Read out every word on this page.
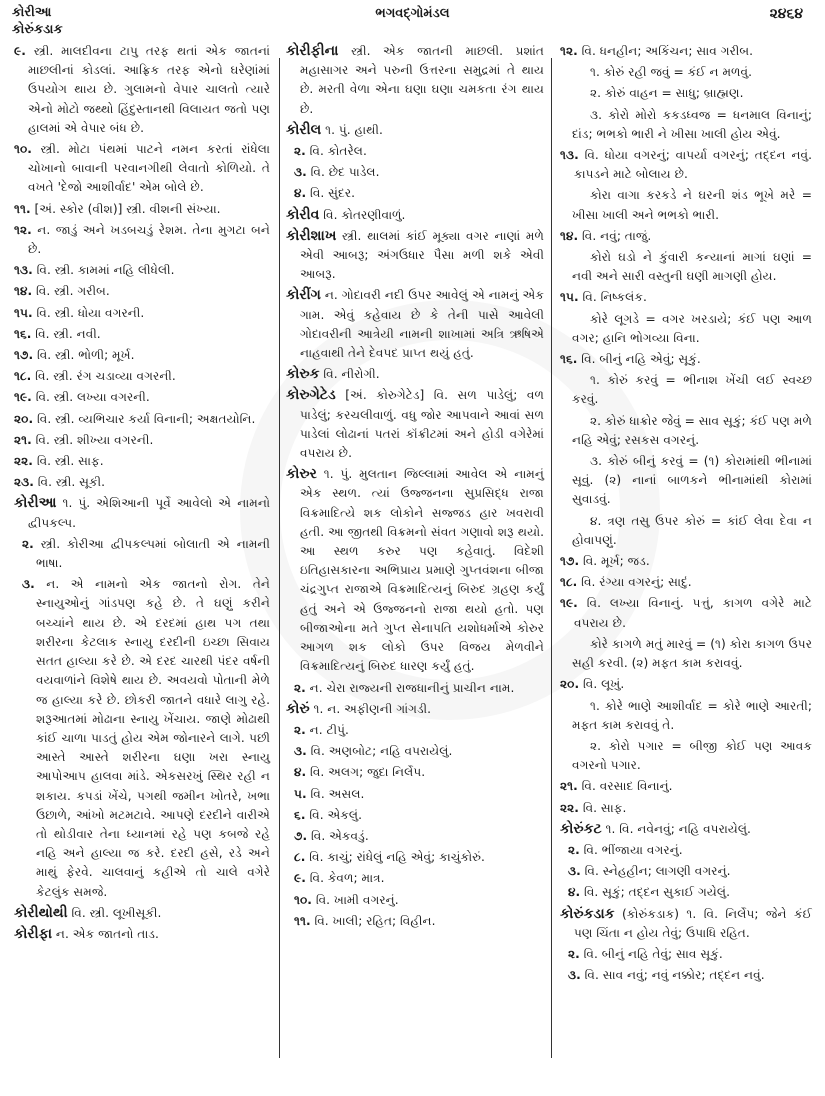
કોરીઆ
કોરુંકડાક
ભગવદ્ગોમંડલ	૨૪૬૪
૯. સ્ત્રી. માલદીવના ટાપુ તરફ થતાં એક જાતનાં માછલીનાં કોડલાં. આફ્રિક તરફ એનો ઘરેણાંમાં ઉપયોગ થાય છે. ગુલામનો વેપાર ચાલતો ત્યારે એનો મોટો જથ્થો હિંદુસ્તાનથી વિલાયત જતો પણ હાલમાં એ વેપાર બંધ છે.
૧૦. સ્ત્રી. મોટા પંથમાં પાટને નમન કરતાં રાંધેલા ચોખાનો બાવાની પરવાનગીથી લેવાતો કોળિયો. તે વખતે 'દેજો આશીર્વાદ' એમ બોલે છે.
૧૧. [અં. સ્કોર (વીશ)] સ્ત્રી. વીશની સંખ્યા.
૧૨. ન. જાડું અને ખડબચડું રેશમ. તેના મુગટા બને છે.
૧૩. વિ. સ્ત્રી. કામમાં નહિ લીધેલી.
૧૪. વિ. સ્ત્રી. ગરીબ.
૧૫. વિ. સ્ત્રી. ધોયા વગરની.
૧૬. વિ. સ્ત્રી. નવી.
૧૭. વિ. સ્ત્રી. ભોળી; મૂર્ખ.
૧૮. વિ. સ્ત્રી. રંગ ચડાવ્યા વગરની.
૧૯. વિ. સ્ત્રી. લખ્યા વગરની.
૨૦. વિ. સ્ત્રી. વ્યભિચાર કર્યા વિનાની; અક્ષતયોનિ.
૨૧. વિ. સ્ત્રી. શીખ્યા વગરની.
૨૨. વિ. સ્ત્રી. સાફ.
૨૩. વિ. સ્ત્રી. સૂકી.
કોરીઆ ૧. પું. એશિઆની પૂર્વે આવેલો એ નામનો દ્વીપકલ્પ.
૨. સ્ત્રી. કોરીઆ દ્વીપકલ્પમાં બોલાતી એ નામની ભાષા.
૩. ન. એ નામનો એક જાતનો રોગ. તેને સ્નાયુઓનું ગાંડપણ કહે છે. તે ઘણું કરીને બચ્ચાંને થાય છે. એ દરદમાં હાથ પગ તથા શરીરના કેટલાક સ્નાયુ દરદીની ઇચ્છા સિવાય સતત હાલ્યા કરે છે. એ દરદ ચારથી પંદર વર્ષની વયવાળાંને વિશેષે થાય છે. અવયવો પોતાની મેળે જ હાલ્યા કરે છે. છોકરી જાતને વધારે લાગુ રહે. શરૂઆતમાં મોઢાના સ્નાયુ ખેંચાય. જાણે મોઢાથી કાંઈ ચાળા પાડતું હોય એમ જોનારને લાગે. પછી આસ્તે આસ્તે શરીરના ઘણા ખરા સ્નાયુ આપોઆપ હાલવા માંડે. એકસરખું સ્થિર રહી ન શકાય. કપડાં ખેંચે, પગથી જમીન ખોતરે, ખભા ઉછાળે, આંખો મટમટાવે. આપણે દરદીને વારીએ તો થોડીવાર તેના ધ્યાનમાં રહે પણ કબજે રહે નહિ અને હાલ્યા જ કરે. દરદી હસે, રડે અને માથું ફેરવે. ચાલવાનું કહીએ તો ચાલે વગેરે કેટલુંક સમજે.
કોરીથોથી વિ. સ્ત્રી. લૂખીસૂકી.
કોરીફા ન. એક જાતનો તાડ.
કોરીફીના સ્ત્રી. એક જાતની માછલી. પ્રશાંત મહાસાગર અને પરુની ઉત્તરના સમુદ્રમાં તે થાય છે. મરતી વેળા એના ઘણા ઘણા ચમકતા રંગ થાય છે.
કોરીલ ૧. પું. હાથી.
૨. વિ. કોતરેલ.
૩. વિ. છેદ પાડેલ.
૪. વિ. સુંદર.
કોરીવ વિ. કોતરણીવાળું.
કોરીશાખ સ્ત્રી. થાલમાં કાંઈ મૂક્યા વગર નાણાં મળે એવી આબરૂ; અંગઉધાર પૈસા મળી શકે એવી આબરૂ.
કોરીંગ ન. ગોદાવરી નદી ઉપર આવેલું એ નામનું એક ગામ. એવું કહેવાય છે કે તેની પાસે આવેલી ગોદાવરીની આત્રેયી નામની શાખામાં અત્રિ ઋષિએ નાહવાથી તેને દેવપદ પ્રાપ્ત થયું હતું.
કોરુક વિ. નીરોગી.
કોરુગેટેડ [અં. કોરુગેટેડ] વિ. સળ પાડેલું; વળ પાડેલું; કરચલીવાળું. વધુ જોર આપવાને આવાં સળ પાડેલાં લોઢાનાં પતરાં કૉંક્રીટમાં અને હોડી વગેરેમાં વપરાય છે.
કોરુર ૧. પું. મુલતાન જિલ્લામાં આવેલ એ નામનું એક સ્થળ. ત્યાં ઉજ્જનના સુપ્રસિદ્ધ રાજા વિક્રમાદિત્યે શક લોકોને સજ્જડ હાર ખવરાવી હતી. આ જીતથી વિક્રમનો સંવત ગણાવો શરૂ થયો. આ સ્થળ કરુર પણ કહેવાતું. વિદેશી ઇતિહાસકારના અભિપ્રાય પ્રમાણે ગુપ્તવંશના બીજા ચંદ્રગુપ્ત રાજાએ વિક્રમાદિત્યનું બિરુદ ગ્રહણ કર્યું હતું અને એ ઉજ્જનનો રાજા થયો હતો. પણ બીજાઓના મતે ગુપ્ત સેનાપતિ યશોધર્માએ કોરુર આગળ શક લોકો ઉપર વિજય મેળવીને વિક્રમાદિત્યનું બિરુદ ધારણ કર્યું હતું.
૨. ન. ચેરા રાજ્યની રાજધાનીનું પ્રાચીન નામ.
કોરું ૧. ન. અફીણની ગાંગડી.
૨. ન. ટીપું.
૩. વિ. અણબોટ; નહિ વપરાયેલું.
૪. વિ. અલગ; જુદા નિર્લેપ.
૫. વિ. અસલ.
૬. વિ. એકલું.
૭. વિ. એકવડું.
૮. વિ. કાચું; રાંધેલું નહિ એવું; કાચુંકોરું.
૯. વિ. કેવળ; માત્ર.
૧૦. વિ. ખામી વગરનું.
૧૧. વિ. ખાલી; રહિત; વિહીન.
૧૨. વિ. ધનહીન; અકિંચન; સાવ ગરીબ.
૧. કોરું રહી જવું = કંઈ ન મળવું.
૨. કોરું વાહન = સાધુ; બ્રાહ્મણ.
૩. કોરો મોરો કકડધ્વજ = ધનમાલ વિનાનું; દાંડ; ભભકો ભારી ને ખીસા ખાલી હોય એવું.
૧૩. વિ. ધોયા વગરનું; વાપર્યા વગરનું; તદ્દન નવું. કાપડને માટે બોલાય છે.
કોરા વાગા કરકડે ને ઘરની શંડ ભૂખે મરે = ખીસા ખાલી અને ભભકો ભારી.
૧૪. વિ. નવું; તાજું.
કોરો ઘડો ને કુંવારી કન્યાનાં માગાં ઘણાં = નવી અને સારી વસ્તુની ઘણી માગણી હોય.
૧૫. વિ. નિષ્કલંક.
કોરે લૂગડે = વગર ખરડાયે; કંઈ પણ આળ વગર; હાનિ ભોગવ્યા વિના.
૧૬. વિ. બીનું નહિ એવું; સૂકું.
૧. કોરું કરવું = ભીનાશ ખેંચી લઈ સ્વચ્છ કરવું.
૨. કોરું ધાક્રોર જેવું = સાવ સૂકું; કંઈ પણ મળે નહિ એવું; રસકસ વગરનું.
૩. કોરું બીનું કરવું = (૧) કોરામાંથી ભીનામાં સૂવું. (૨) નાનાં બાળકને ભીનામાંથી કોરામાં સુવાડવું.
૪. ત્રણ તસુ ઉપર કોરું = કાંઈ લેવા દેવા ન હોવાપણું.
૧૭. વિ. મૂર્ખ; જડ.
૧૮. વિ. રંગ્યા વગરનું; સાદું.
૧૯. વિ. લખ્યા વિનાનું. પત્તું, કાગળ વગેરે માટે વપરાય છે.
કોરે કાગળે મતું મારવું = (૧) કોરા કાગળ ઉપર સહી કરવી. (૨) મફત કામ કરાવવું.
૨૦. વિ. લૂખું.
૧. કોરે ભાણે આશીર્વાદ = કોરે ભાણે આરતી; મફત કામ કરાવવું તે.
૨. કોરો પગાર = બીજી કોઈ પણ આવક વગરનો પગાર.
૨૧. વિ. વરસાદ વિનાનું.
૨૨. વિ. સાફ.
કોરુંકટ ૧. વિ. નવેનવું; નહિ વપરાયેલું.
૨. વિ. ભીંજાયા વગરનું.
૩. વિ. સ્નેહહીન; લાગણી વગરનું.
૪. વિ. સૂકું; તદ્દન સુકાઈ ગયેલું.
કોરુંકડાક (કોરુંકડાક) ૧. વિ. નિર્લેપ; જેને કંઈ પણ ચિંતા ન હોય તેવું; ઉપાધિ રહિત.
૨. વિ. બીનું નહિ તેવું; સાવ સૂકું.
૩. વિ. સાવ નવું; નવું નક્કોર; તદ્દન નવું.
